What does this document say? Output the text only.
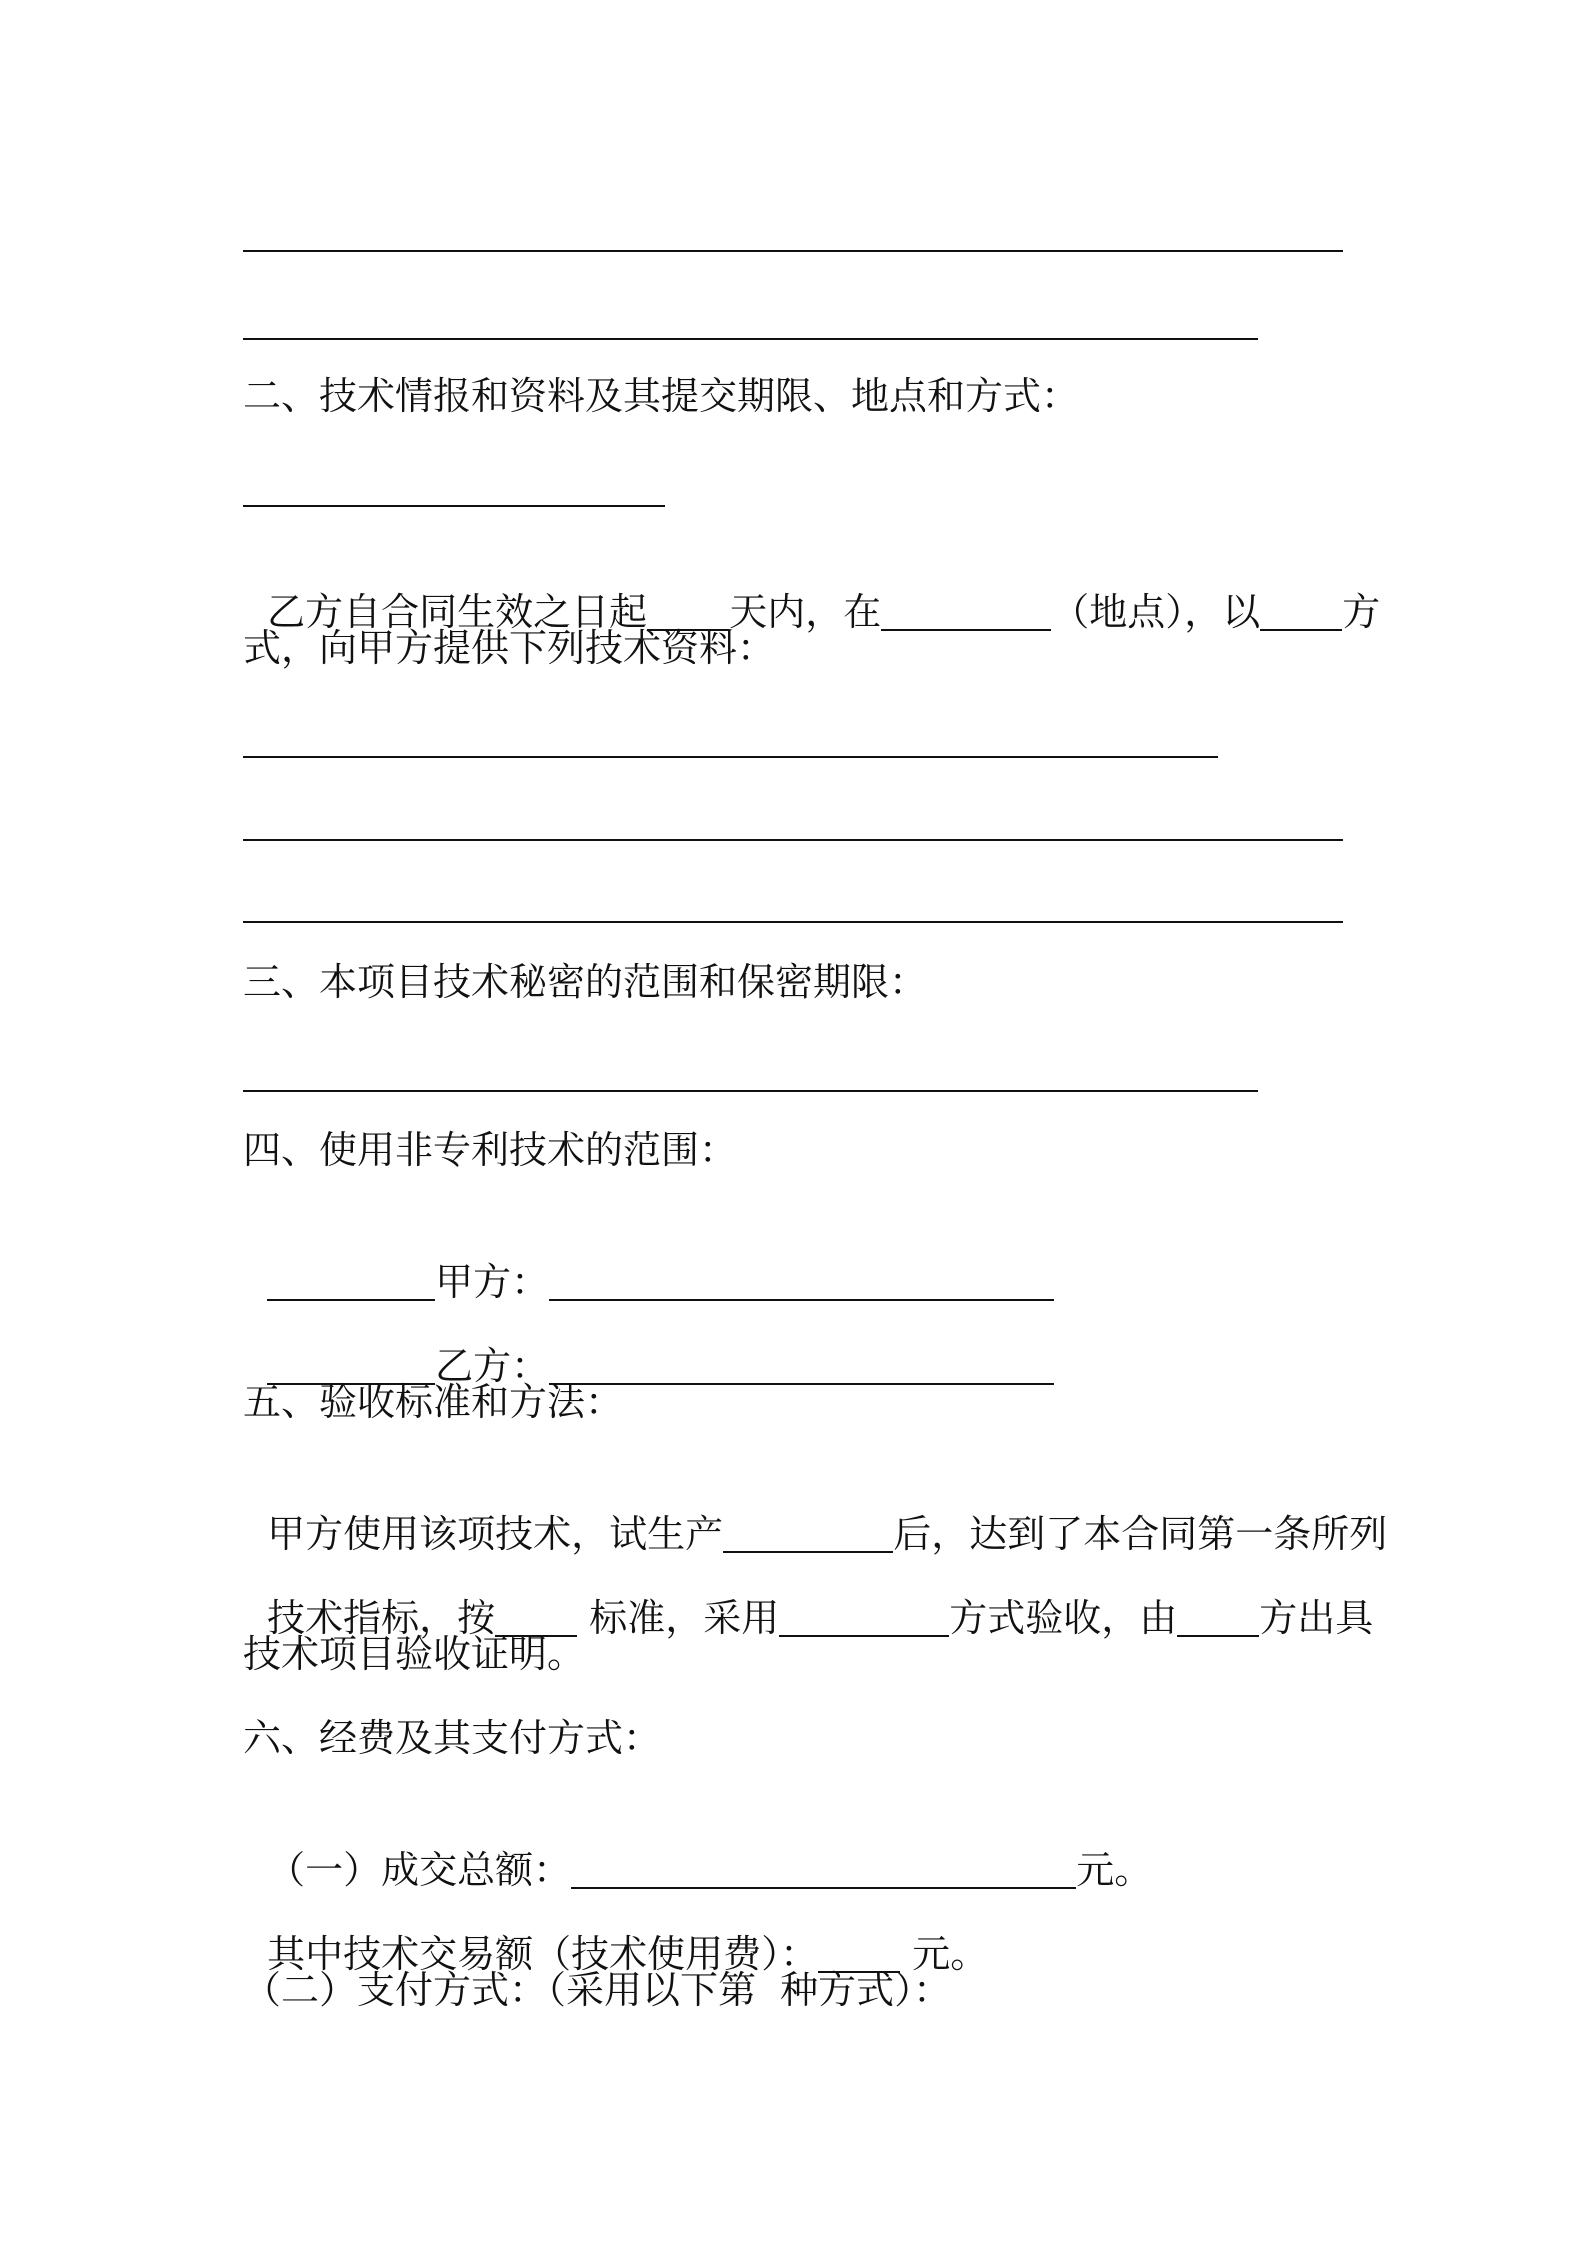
二、技术情报和资料及其提交期限、地点和方式：

乙方自合同生效之日起 天内，在	（地点），以 方

式，向甲方提供下列技术资料：
三、本项目技术秘密的范围和保密期限：
四、使用非专利技术的范围：

甲方：

乙方：

五、验收标准和方法：

甲方使用该项技术，试生产	后，达到了本合同第一条所列

技术指标，按 标准，采用	方式验收，由 方出具

技术项目验收证明。
六、经费及其支付方式：

（一）成交总额：	元。

其中技术交易额（技术使用费）： 元。

（二）支付方式：（采用以下第  种方式）：
